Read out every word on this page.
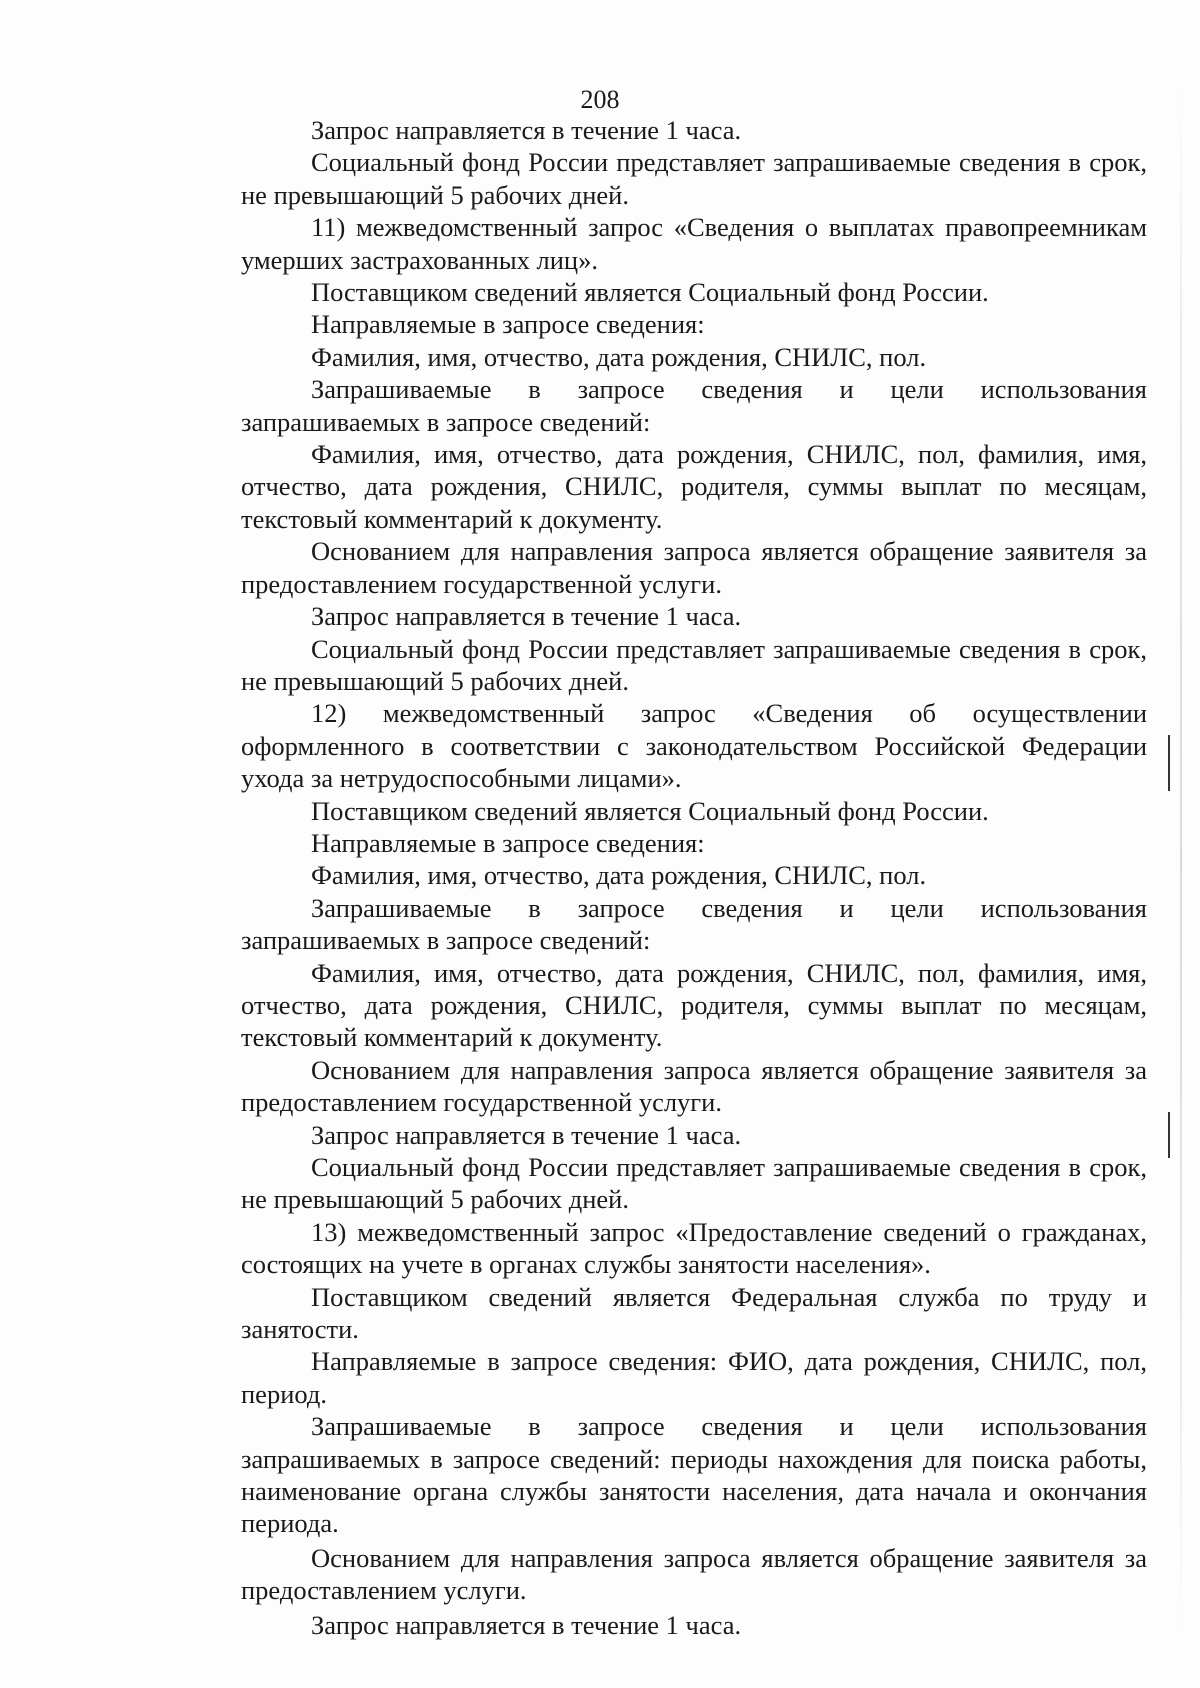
208

Запрос направляется в течение 1 часа.

Социальный фонд России представляет запрашиваемые сведения в срок, не превышающий 5 рабочих дней.

11) межведомственный запрос «Сведения о выплатах правопреемникам умерших застрахованных лиц».

Поставщиком сведений является Социальный фонд России.

Направляемые в запросе сведения:

Фамилия, имя, отчество, дата рождения, СНИЛС, пол.

Запрашиваемые в запросе сведения и цели использования запрашиваемых в запросе сведений:

Фамилия, имя, отчество, дата рождения, СНИЛС, пол, фамилия, имя, отчество, дата рождения, СНИЛС, родителя, суммы выплат по месяцам, текстовый комментарий к документу.

Основанием для направления запроса является обращение заявителя за предоставлением государственной услуги.

Запрос направляется в течение 1 часа.

Социальный фонд России представляет запрашиваемые сведения в срок, не превышающий 5 рабочих дней.

12) межведомственный запрос «Сведения об осуществлении оформленного в соответствии с законодательством Российской Федерации ухода за нетрудоспособными лицами».

Поставщиком сведений является Социальный фонд России.

Направляемые в запросе сведения:

Фамилия, имя, отчество, дата рождения, СНИЛС, пол.

Запрашиваемые в запросе сведения и цели использования запрашиваемых в запросе сведений:

Фамилия, имя, отчество, дата рождения, СНИЛС, пол, фамилия, имя, отчество, дата рождения, СНИЛС, родителя, суммы выплат по месяцам, текстовый комментарий к документу.

Основанием для направления запроса является обращение заявителя за предоставлением государственной услуги.

Запрос направляется в течение 1 часа.

Социальный фонд России представляет запрашиваемые сведения в срок, не превышающий 5 рабочих дней.

13) межведомственный запрос «Предоставление сведений о гражданах, состоящих на учете в органах службы занятости населения».

Поставщиком сведений является Федеральная служба по труду и занятости.

Направляемые в запросе сведения: ФИО, дата рождения, СНИЛС, пол, период.

Запрашиваемые в запросе сведения и цели использования запрашиваемых в запросе сведений: периоды нахождения для поиска работы, наименование органа службы занятости населения, дата начала и окончания периода.

Основанием для направления запроса является обращение заявителя за предоставлением услуги.

Запрос направляется в течение 1 часа.
